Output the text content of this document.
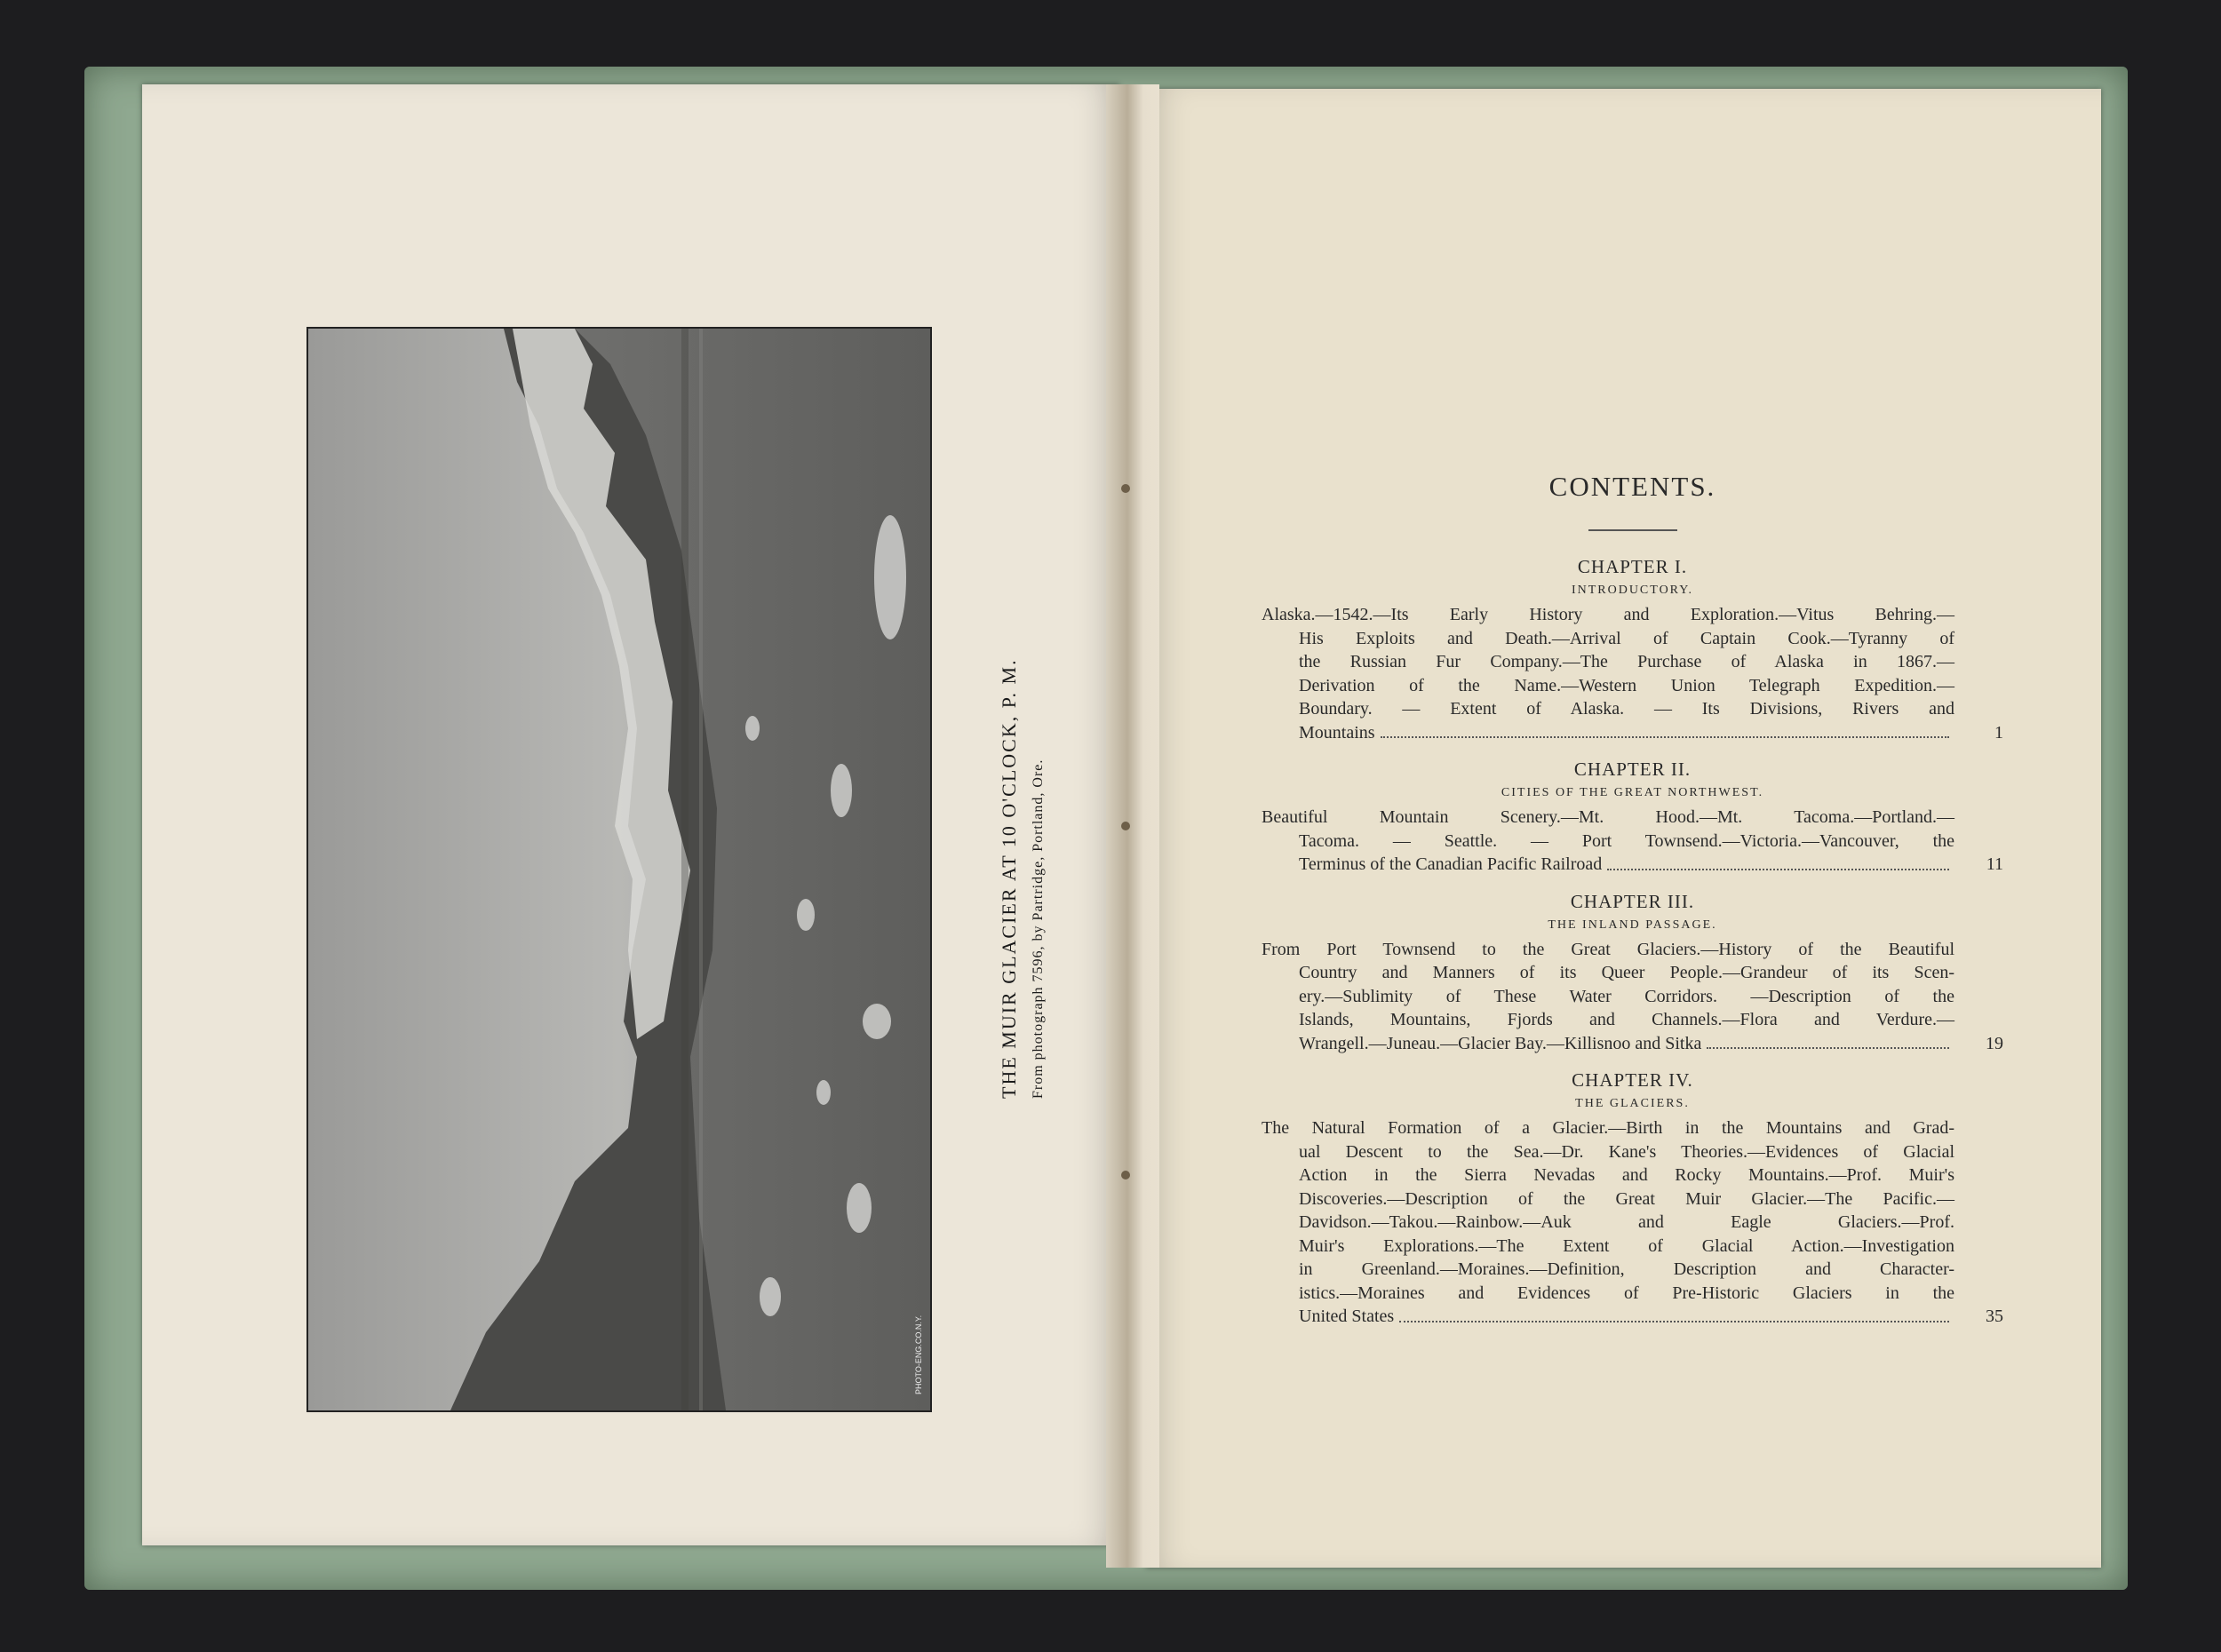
PHOTO-ENG.CO.N.Y.
THE MUIR GLACIER AT 10 O'CLOCK, P. M. From photograph 7596, by Partridge, Portland, Ore.
CONTENTS.
CHAPTER I.
INTRODUCTORY.
Alaska.—1542.—Its Early History and Exploration.—Vitus Behring.—
His Exploits and Death.—Arrival of Captain Cook.—Tyranny of
the Russian Fur Company.—The Purchase of Alaska in 1867.—
Derivation of the Name.—Western Union Telegraph Expedition.—
Boundary. — Extent of Alaska. — Its Divisions, Rivers and
Mountains	1
CHAPTER II.
CITIES OF THE GREAT NORTHWEST.
Beautiful Mountain Scenery.—Mt. Hood.—Mt. Tacoma.—Portland.—
Tacoma. — Seattle. — Port Townsend.—Victoria.—Vancouver, the
Terminus of the Canadian Pacific Railroad	11
CHAPTER III.
THE INLAND PASSAGE.
From Port Townsend to the Great Glaciers.—History of the Beautiful
Country and Manners of its Queer People.—Grandeur of its Scen-
ery.—Sublimity of These Water Corridors. —Description of the
Islands, Mountains, Fjords and Channels.—Flora and Verdure.—
Wrangell.—Juneau.—Glacier Bay.—Killisnoo and Sitka	19
CHAPTER IV.
THE GLACIERS.
The Natural Formation of a Glacier.—Birth in the Mountains and Grad-
ual Descent to the Sea.—Dr. Kane's Theories.—Evidences of Glacial
Action in the Sierra Nevadas and Rocky Mountains.—Prof. Muir's
Discoveries.—Description of the Great Muir Glacier.—The Pacific.—
Davidson.—Takou.—Rainbow.—Auk and Eagle Glaciers.—Prof.
Muir's Explorations.—The Extent of Glacial Action.—Investigation
in Greenland.—Moraines.—Definition, Description and Character-
istics.—Moraines and Evidences of Pre-Historic Glaciers in the
United States	35
